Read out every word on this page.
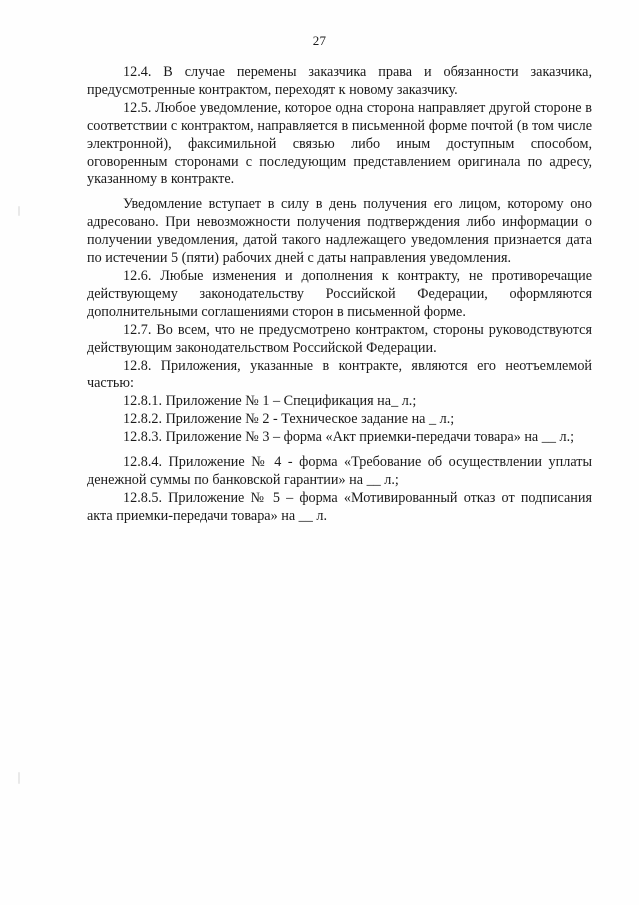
27

12.4. В случае перемены заказчика права и обязанности заказчика, предусмотренные контрактом, переходят к новому заказчику.

12.5. Любое уведомление, которое одна сторона направляет другой стороне в соответствии с контрактом, направляется в письменной форме почтой (в том числе электронной), факсимильной связью либо иным доступным способом, оговоренным сторонами с последующим представлением оригинала по адресу, указанному в контракте.

Уведомление вступает в силу в день получения его лицом, которому оно адресовано. При невозможности получения подтверждения либо информации о получении уведомления, датой такого надлежащего уведомления признается дата по истечении 5 (пяти) рабочих дней с даты направления уведомления.

12.6. Любые изменения и дополнения к контракту, не противоречащие действующему законодательству Российской Федерации, оформляются дополнительными соглашениями сторон в письменной форме.

12.7. Во всем, что не предусмотрено контрактом, стороны руководствуются действующим законодательством Российской Федерации.

12.8. Приложения, указанные в контракте, являются его неотъемлемой частью:

12.8.1. Приложение № 1 – Спецификация на_ л.;

12.8.2. Приложение № 2 - Техническое задание на _ л.;

12.8.3. Приложение № 3 – форма «Акт приемки-передачи товара» на __ л.;

12.8.4. Приложение № 4 - форма «Требование об осуществлении уплаты денежной суммы по банковской гарантии» на __ л.;

12.8.5. Приложение № 5 – форма «Мотивированный отказ от подписания акта приемки-передачи товара» на __ л.
